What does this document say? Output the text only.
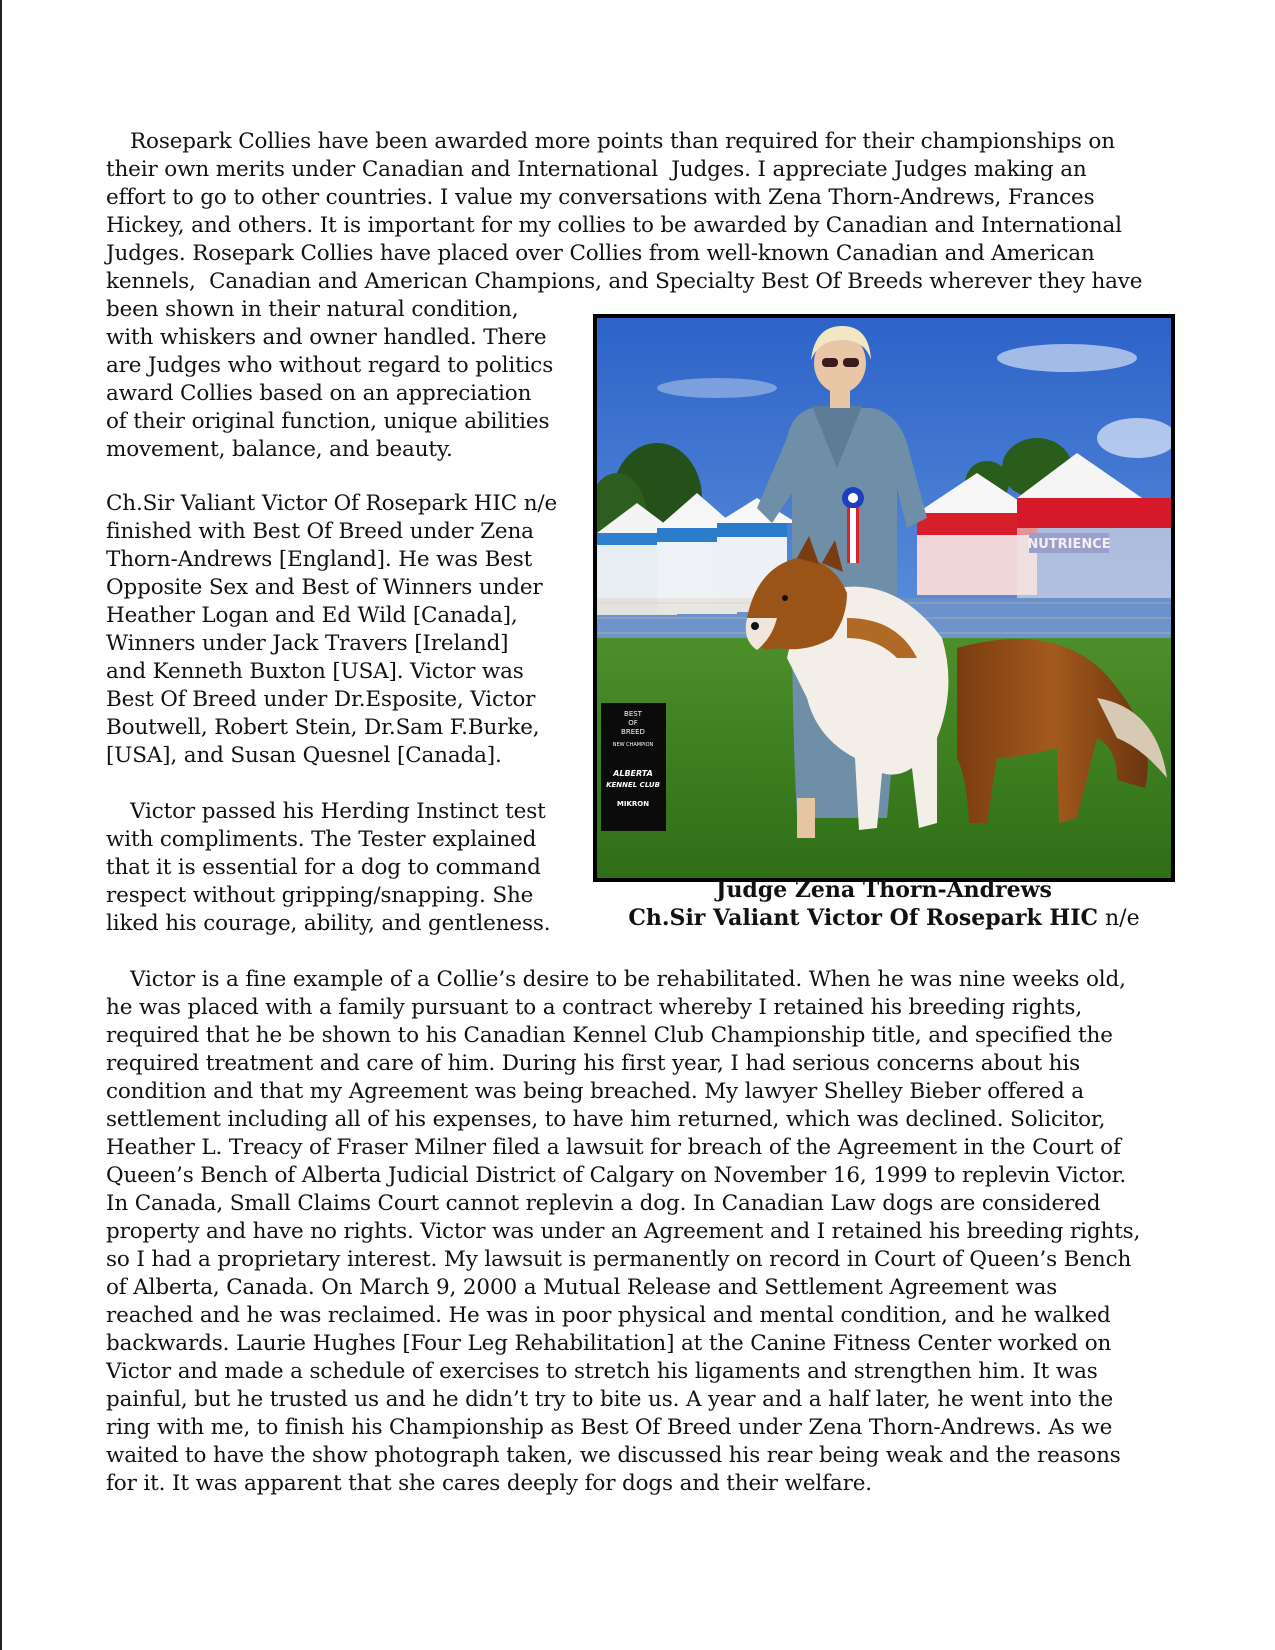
Rosepark Collies have been awarded more points than required for their championships on
their own merits under Canadian and International  Judges. I appreciate Judges making an
effort to go to other countries. I value my conversations with Zena Thorn-Andrews, Frances
Hickey, and others. It is important for my collies to be awarded by Canadian and International
Judges. Rosepark Collies have placed over Collies from well-known Canadian and American
kennels,  Canadian and American Champions, and Specialty Best Of Breeds wherever they have
been shown in their natural condition,
with whiskers and owner handled. There
are Judges who without regard to politics
award Collies based on an appreciation
of their original function, unique abilities
movement, balance, and beauty.
Ch.Sir Valiant Victor Of Rosepark HIC n/e
finished with Best Of Breed under Zena
Thorn-Andrews [England]. He was Best
Opposite Sex and Best of Winners under
Heather Logan and Ed Wild [Canada],
Winners under Jack Travers [Ireland]
and Kenneth Buxton [USA]. Victor was
Best Of Breed under Dr.Esposite, Victor
Boutwell, Robert Stein, Dr.Sam F.Burke,
[USA], and Susan Quesnel [Canada].
Victor passed his Herding Instinct test
with compliments. The Tester explained
that it is essential for a dog to command
respect without gripping/snapping. She
liked his courage, ability, and gentleness.
Victor is a fine example of a Collie’s desire to be rehabilitated. When he was nine weeks old,
he was placed with a family pursuant to a contract whereby I retained his breeding rights,
required that he be shown to his Canadian Kennel Club Championship title, and specified the
required treatment and care of him. During his first year, I had serious concerns about his
condition and that my Agreement was being breached. My lawyer Shelley Bieber offered a
settlement including all of his expenses, to have him returned, which was declined. Solicitor,
Heather L. Treacy of Fraser Milner filed a lawsuit for breach of the Agreement in the Court of
Queen’s Bench of Alberta Judicial District of Calgary on November 16, 1999 to replevin Victor.
In Canada, Small Claims Court cannot replevin a dog. In Canadian Law dogs are considered
property and have no rights. Victor was under an Agreement and I retained his breeding rights,
so I had a proprietary interest. My lawsuit is permanently on record in Court of Queen’s Bench
of Alberta, Canada. On March 9, 2000 a Mutual Release and Settlement Agreement was
reached and he was reclaimed. He was in poor physical and mental condition, and he walked
backwards. Laurie Hughes [Four Leg Rehabilitation] at the Canine Fitness Center worked on
Victor and made a schedule of exercises to stretch his ligaments and strengthen him. It was
painful, but he trusted us and he didn’t try to bite us. A year and a half later, he went into the
ring with me, to finish his Championship as Best Of Breed under Zena Thorn-Andrews. As we
waited to have the show photograph taken, we discussed his rear being weak and the reasons
for it. It was apparent that she cares deeply for dogs and their welfare.
BEST
OF
BREED
NEW CHAMPION
ALBERTA
KENNEL CLUB
MIKRON
Judge Zena Thorn-Andrews
Ch.Sir Valiant Victor Of Rosepark HIC n/e
